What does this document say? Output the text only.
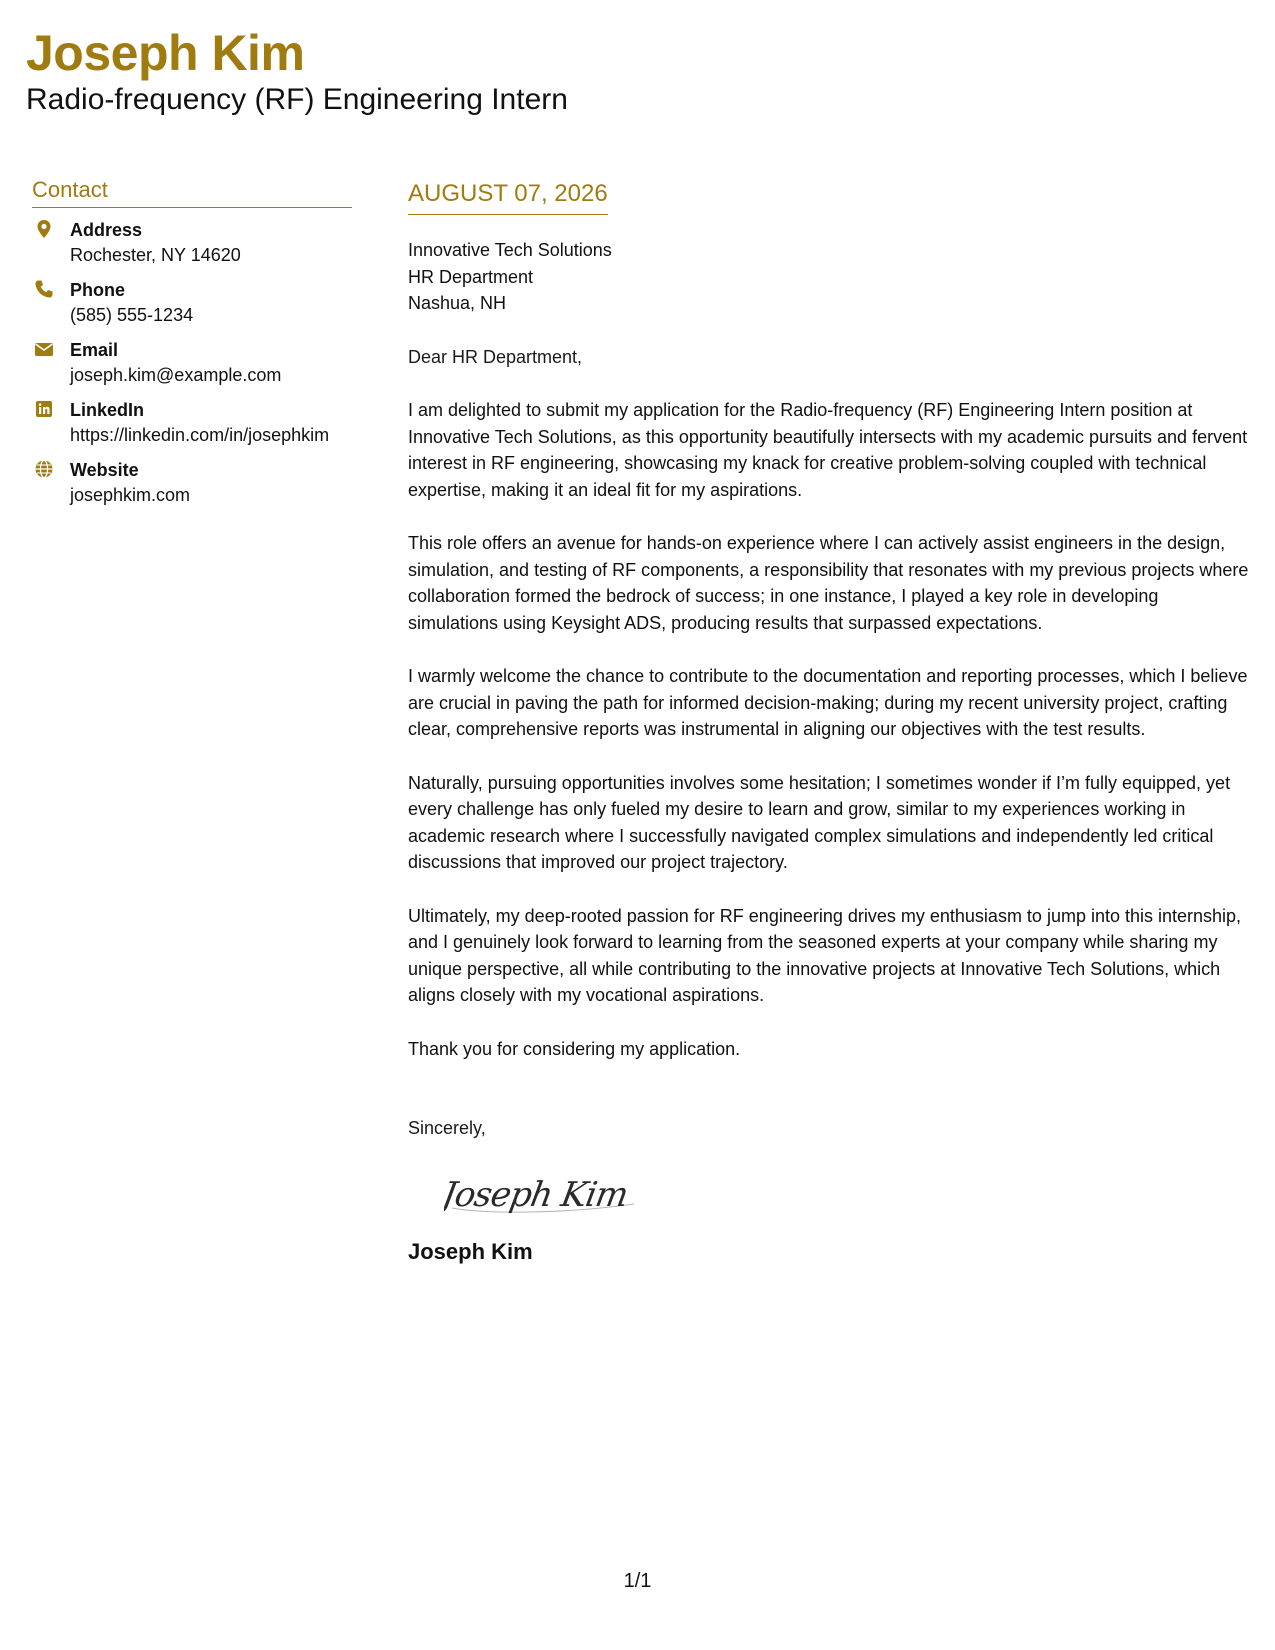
Joseph Kim
Radio-frequency (RF) Engineering Intern
Contact
Address
Rochester, NY 14620
Phone
(585) 555-1234
Email
joseph.kim@example.com
LinkedIn
https://linkedin.com/in/josephkim
Website
josephkim.com
AUGUST 07, 2026
Innovative Tech Solutions
HR Department
Nashua, NH
Dear HR Department,
I am delighted to submit my application for the Radio-frequency (RF) Engineering Intern position at Innovative Tech Solutions, as this opportunity beautifully intersects with my academic pursuits and fervent interest in RF engineering, showcasing my knack for creative problem-solving coupled with technical expertise, making it an ideal fit for my aspirations.
This role offers an avenue for hands-on experience where I can actively assist engineers in the design, simulation, and testing of RF components, a responsibility that resonates with my previous projects where collaboration formed the bedrock of success; in one instance, I played a key role in developing simulations using Keysight ADS, producing results that surpassed expectations.
I warmly welcome the chance to contribute to the documentation and reporting processes, which I believe are crucial in paving the path for informed decision-making; during my recent university project, crafting clear, comprehensive reports was instrumental in aligning our objectives with the test results.
Naturally, pursuing opportunities involves some hesitation; I sometimes wonder if I’m fully equipped, yet every challenge has only fueled my desire to learn and grow, similar to my experiences working in academic research where I successfully navigated complex simulations and independently led critical discussions that improved our project trajectory.
Ultimately, my deep-rooted passion for RF engineering drives my enthusiasm to jump into this internship, and I genuinely look forward to learning from the seasoned experts at your company while sharing my unique perspective, all while contributing to the innovative projects at Innovative Tech Solutions, which aligns closely with my vocational aspirations.
Thank you for considering my application.
Sincerely,
Joseph Kim
Joseph Kim
1/1
